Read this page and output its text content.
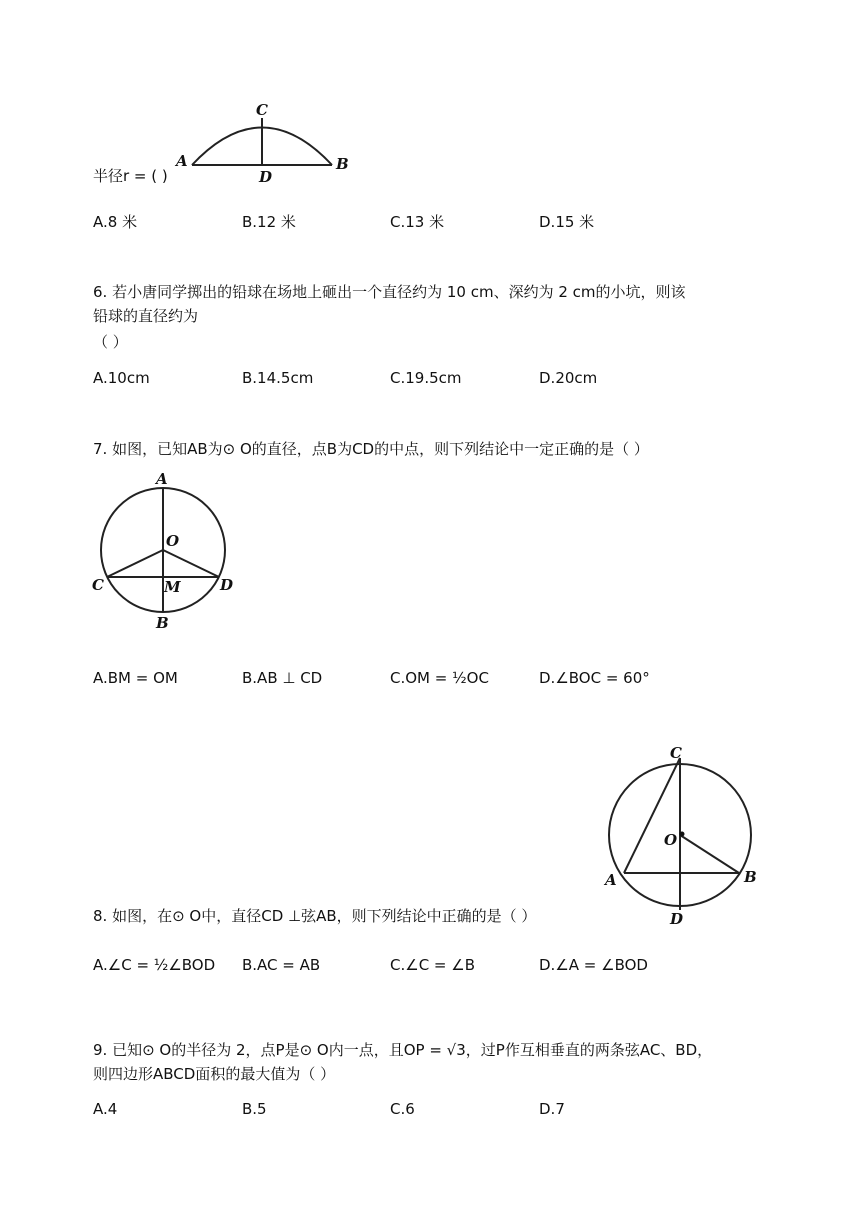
C
A	B
D
半径r = ( )
A.8 米	B.12 米	C.13 米	D.15 米
6. 若小唐同学掷出的铅球在场地上砸出一个直径约为 10 cm、深约为 2 cm的小坑，则该
铅球的直径约为
（ ）
A.10cm	B.14.5cm	C.19.5cm	D.20cm
7. 如图，已知AB为⊙ O的直径，点B为CD的中点，则下列结论中一定正确的是（ ）
A
O
C	D
M
B
A.BM = OM	B.AB ⊥ CD	C.OM = ½OC	D.∠BOC = 60°
C
O
A	B
D
8. 如图，在⊙ O中，直径CD ⊥弦AB，则下列结论中正确的是（ ）
A.∠C = ½∠BOD B.AC = AB	C.∠C = ∠B	D.∠A = ∠BOD
9. 已知⊙ O的半径为 2，点P是⊙ O内一点，且OP = √3，过P作互相垂直的两条弦AC、BD，
则四边形ABCD面积的最大值为（ ）
A.4	B.5	C.6	D.7
